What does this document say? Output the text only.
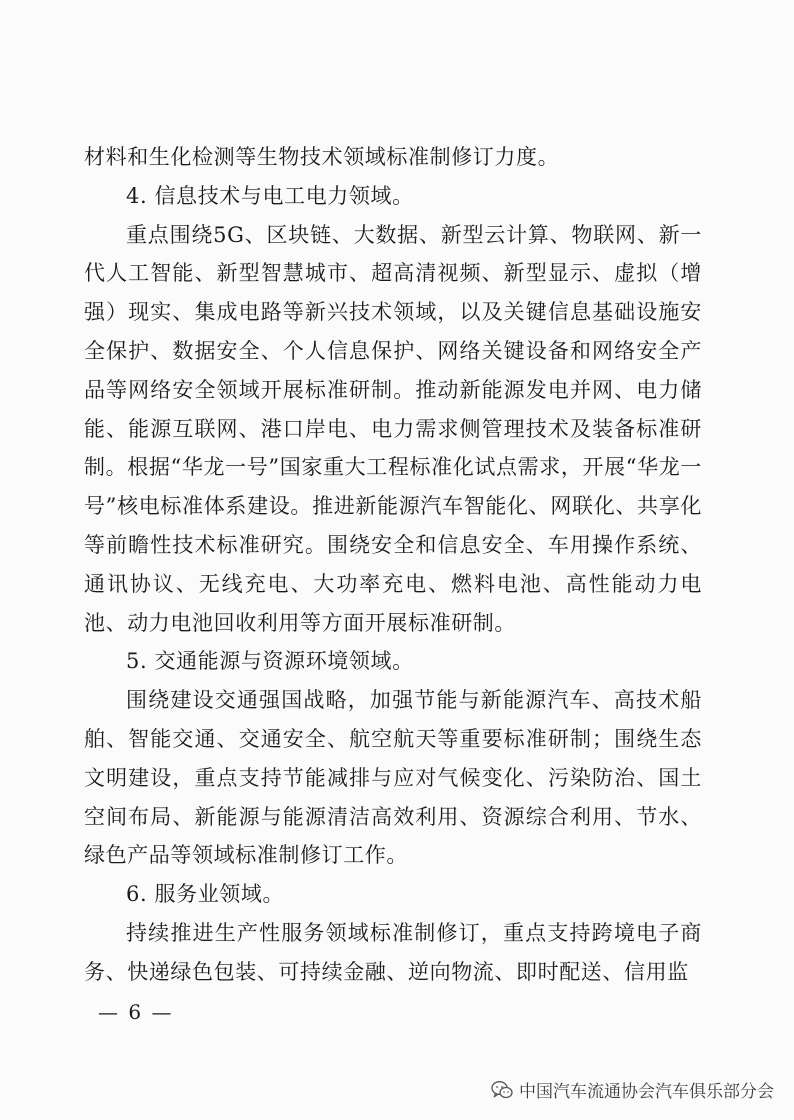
材料和生化检测等生物技术领域标准制修订力度。

4. 信息技术与电工电力领域。

重点围绕5G、区块链、大数据、新型云计算、物联网、新一代人工智能、新型智慧城市、超高清视频、新型显示、虚拟（增强）现实、集成电路等新兴技术领域，以及关键信息基础设施安全保护、数据安全、个人信息保护、网络关键设备和网络安全产品等网络安全领域开展标准研制。推动新能源发电并网、电力储能、能源互联网、港口岸电、电力需求侧管理技术及装备标准研制。根据“华龙一号”国家重大工程标准化试点需求，开展“华龙一号”核电标准体系建设。推进新能源汽车智能化、网联化、共享化等前瞻性技术标准研究。围绕安全和信息安全、车用操作系统、通讯协议、无线充电、大功率充电、燃料电池、高性能动力电池、动力电池回收利用等方面开展标准研制。

5. 交通能源与资源环境领域。

围绕建设交通强国战略，加强节能与新能源汽车、高技术船舶、智能交通、交通安全、航空航天等重要标准研制；围绕生态文明建设，重点支持节能减排与应对气候变化、污染防治、国土空间布局、新能源与能源清洁高效利用、资源综合利用、节水、绿色产品等领域标准制修订工作。

6. 服务业领域。

持续推进生产性服务领域标准制修订，重点支持跨境电子商务、快递绿色包装、可持续金融、逆向物流、即时配送、信用监

— 6 —
中国汽车流通协会汽车俱乐部分会
